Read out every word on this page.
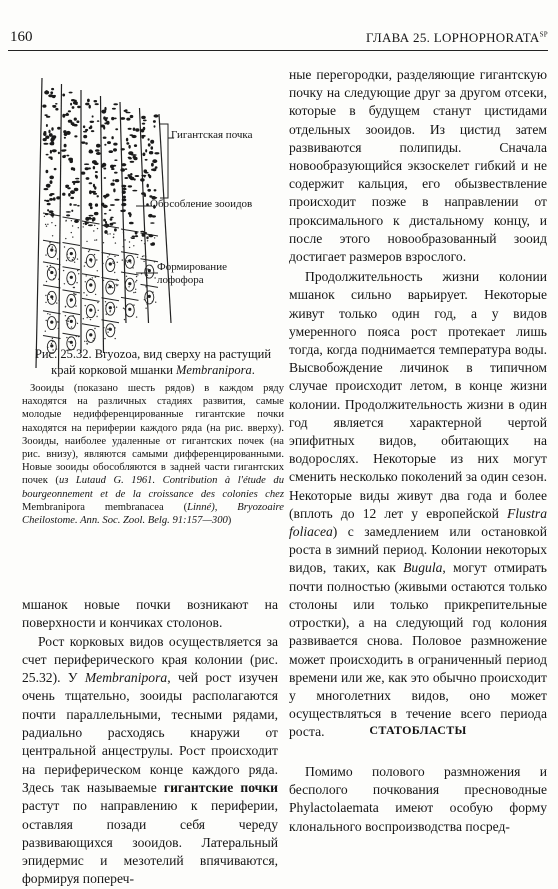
160	ГЛАВА 25. $LOPHOPHORATA^{SP}$
Гигантская почка
Обособление зооидов
Формирование
лофофора
Рис. 25.32. Bryozoa, вид сверху на растущий край корковой мшанки Membranipora.
Зооиды (показано шесть рядов) в каждом ряду находятся на различных стадиях развития, самые молодые недифференцированные гигантские почки находятся на периферии каждого ряда (на рис. вверху). Зооиды, наиболее удаленные от гигантских почек (на рис. внизу), являются самыми дифференцированными. Новые зооиды обособляются в задней части гигантских почек (из Lutaud G. 1961. Contribution à l'étude du bourgeonnement et de la croissance des colonies chez Membranipora membranacea (Linné), Bryozoaire Cheilostome. Ann. Soc. Zool. Belg. 91:157—300)

мшанок новые почки возникают на поверхности и кончиках столонов.

Рост корковых видов осуществляется за счет периферического края колонии (рис. 25.32). У Membranipora, чей рост изучен очень тщательно, зооиды располагаются почти параллельными, тесными рядами, радиально расходясь кнаружи от центральной анцеструлы. Рост происходит на периферическом конце каждого ряда. Здесь так называемые гигантские почки растут по направлению к периферии, оставляя позади себя череду развивающихся зооидов. Латеральный эпидермис и мезотелий впячиваются, формируя попереч-

ные перегородки, разделяющие гигантскую почку на следующие друг за другом отсеки, которые в будущем станут цистидами отдельных зооидов. Из цистид затем развиваются полипиды. Сначала новообразующийся экзоскелет гибкий и не содержит кальция, его обызвествление происходит позже в направлении от проксимального к дистальному концу, и после этого новообразованный зооид достигает размеров взрослого.

Продолжительность жизни колонии мшанок сильно варьирует. Некоторые живут только один год, а у видов умеренного пояса рост протекает лишь тогда, когда поднимается температура воды. Высвобождение личинок в типичном случае происходит летом, в конце жизни колонии. Продолжительность жизни в один год является характерной чертой эпифитных видов, обитающих на водорослях. Некоторые из них могут сменить несколько поколений за один сезон. Некоторые виды живут два года и более (вплоть до 12 лет у европейской Flustra foliacea) с замедлением или остановкой роста в зимний период. Колонии некоторых видов, таких, как Bugula, могут отмирать почти полностью (живыми остаются только столоны или только прикрепительные отростки), а на следующий год колония развивается снова. Половое размножение может происходить в ограниченный период времени или же, как это обычно происходит у многолетних видов, оно может осуществляться в течение всего периода роста.	СТАТОБЛАСТЫ

Помимо полового размножения и бесполого почкования пресноводные Phylactolaemata имеют особую форму клонального воспроизводства посред-
